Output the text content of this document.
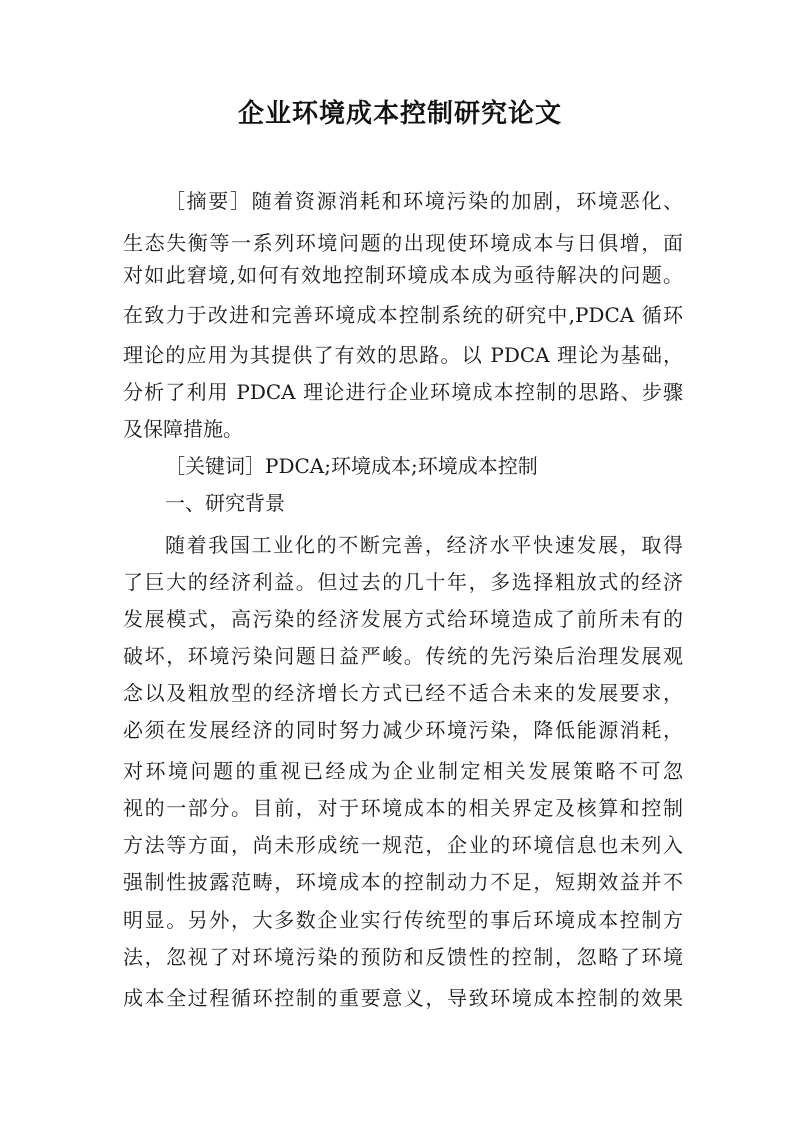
企业环境成本控制研究论文
［摘要］随着资源消耗和环境污染的加剧，环境恶化、
生态失衡等一系列环境问题的出现使环境成本与日俱增，面
对如此窘境,如何有效地控制环境成本成为亟待解决的问题。
在致力于改进和完善环境成本控制系统的研究中,PDCA 循环
理论的应用为其提供了有效的思路。以 PDCA 理论为基础，
分析了利用 PDCA 理论进行企业环境成本控制的思路、步骤
及保障措施。
［关键词］PDCA;环境成本;环境成本控制
一、研究背景
随着我国工业化的不断完善，经济水平快速发展，取得
了巨大的经济利益。但过去的几十年，多选择粗放式的经济
发展模式，高污染的经济发展方式给环境造成了前所未有的
破坏，环境污染问题日益严峻。传统的先污染后治理发展观
念以及粗放型的经济增长方式已经不适合未来的发展要求，
必须在发展经济的同时努力减少环境污染，降低能源消耗，
对环境问题的重视已经成为企业制定相关发展策略不可忽
视的一部分。目前，对于环境成本的相关界定及核算和控制
方法等方面，尚未形成统一规范，企业的环境信息也未列入
强制性披露范畴，环境成本的控制动力不足，短期效益并不
明显。另外，大多数企业实行传统型的事后环境成本控制方
法，忽视了对环境污染的预防和反馈性的控制，忽略了环境
成本全过程循环控制的重要意义，导致环境成本控制的效果
